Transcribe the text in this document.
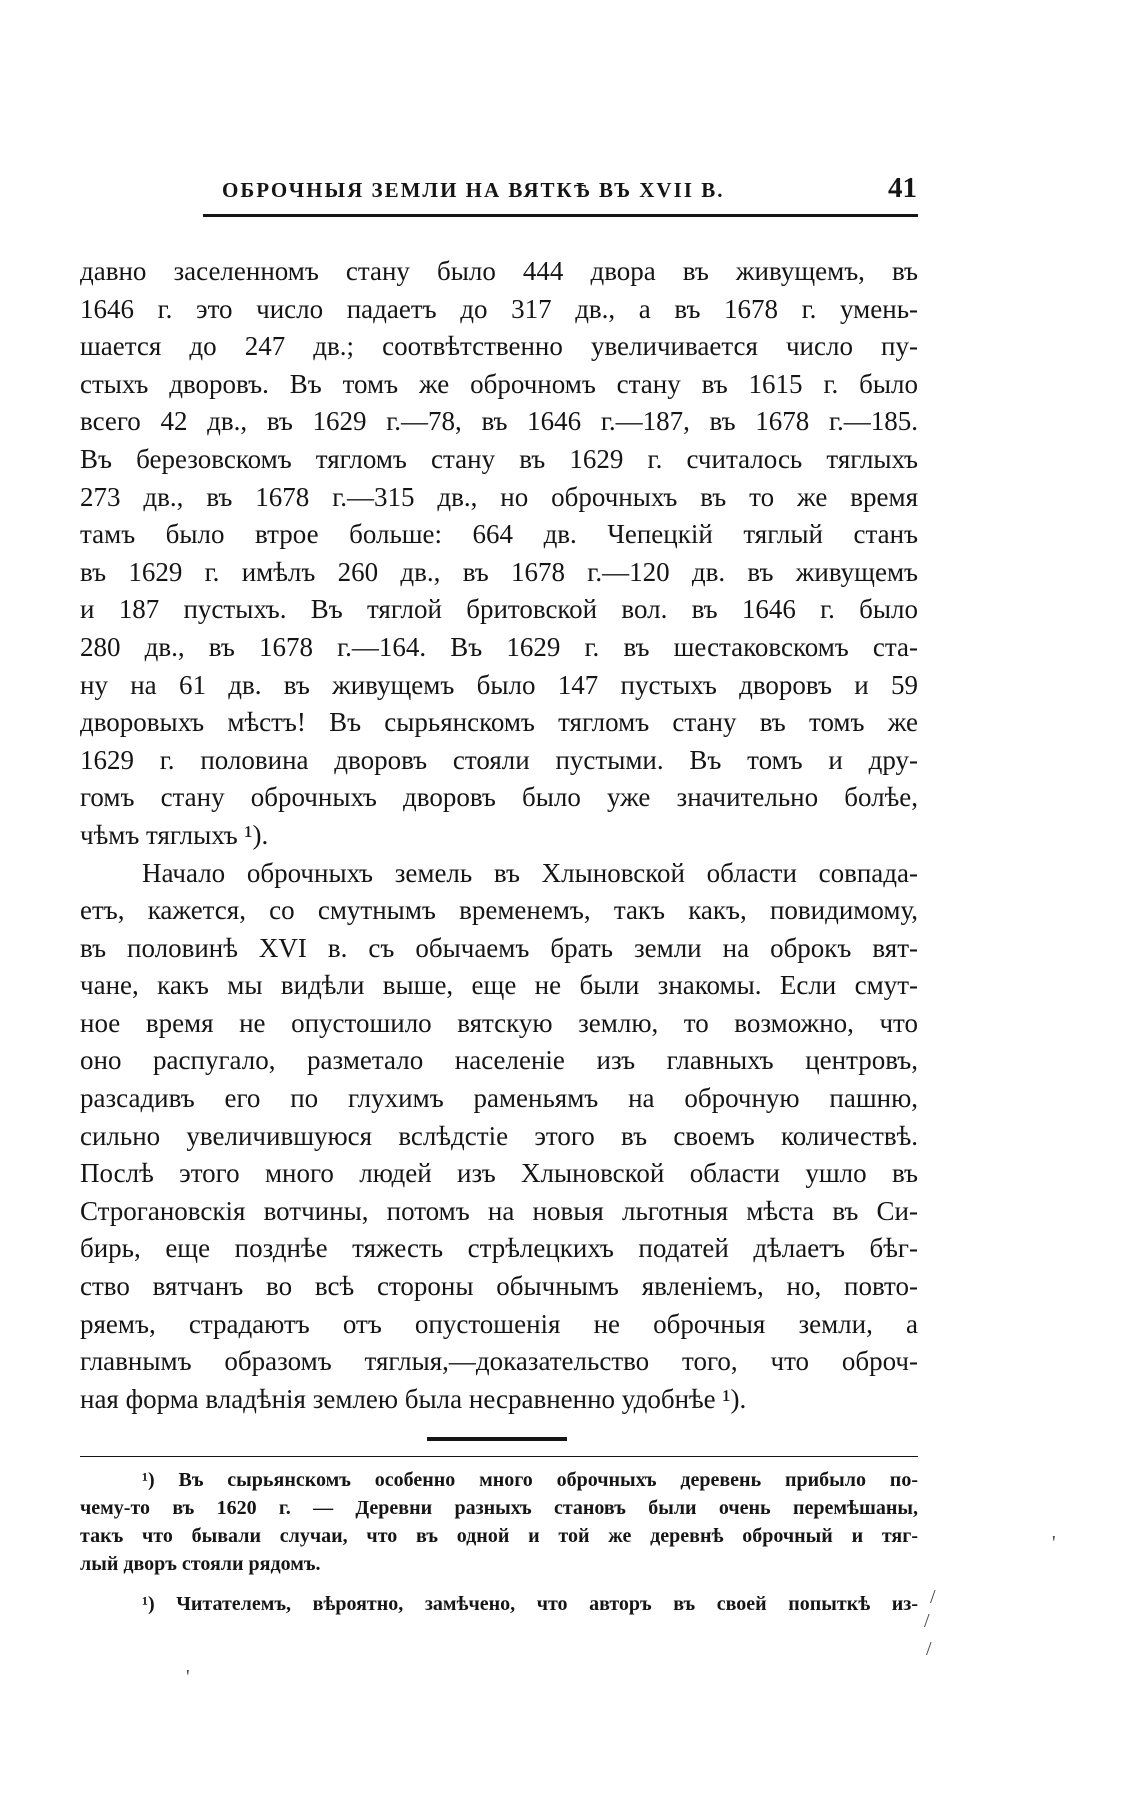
ОБРОЧНЫЯ ЗЕМЛИ НА ВЯТКѢ ВЪ XVII В.	41
давно заселенномъ стану было 444 двора въ живущемъ, въ
1646 г. это число падаетъ до 317 дв., а въ 1678 г. умень-
шается до 247 дв.; соотвѣтственно увеличивается число пу-
стыхъ дворовъ. Въ томъ же оброчномъ стану въ 1615 г. было
всего 42 дв., въ 1629 г.—78, въ 1646 г.—187, въ 1678 г.—185.
Въ березовскомъ тягломъ стану въ 1629 г. считалось тяглыхъ
273 дв., въ 1678 г.—315 дв., но оброчныхъ въ то же время
тамъ было втрое больше: 664 дв. Чепецкій тяглый станъ
въ 1629 г. имѣлъ 260 дв., въ 1678 г.—120 дв. въ живущемъ
и 187 пустыхъ. Въ тяглой бритовской вол. въ 1646 г. было
280 дв., въ 1678 г.—164. Въ 1629 г. въ шестаковскомъ ста-
ну на 61 дв. въ живущемъ было 147 пустыхъ дворовъ и 59
дворовыхъ мѣстъ! Въ сырьянскомъ тягломъ стану въ томъ же
1629 г. половина дворовъ стояли пустыми. Въ томъ и дру-
гомъ стану оброчныхъ дворовъ было уже значительно болѣе,
чѣмъ тяглыхъ ¹).
Начало оброчныхъ земель въ Хлыновской области совпада-
етъ, кажется, со смутнымъ временемъ, такъ какъ, повидимому,
въ половинѣ XVI в. съ обычаемъ брать земли на оброкъ вят-
чане, какъ мы видѣли выше, еще не были знакомы. Если смут-
ное время не опустошило вятскую землю, то возможно, что
оно распугало, разметало населеніе изъ главныхъ центровъ,
разсадивъ его по глухимъ раменьямъ на оброчную пашню,
сильно увеличившуюся вслѣдстіе этого въ своемъ количествѣ.
Послѣ этого много людей изъ Хлыновской области ушло въ
Строгановскія вотчины, потомъ на новыя льготныя мѣста въ Си-
бирь, еще позднѣе тяжесть стрѣлецкихъ податей дѣлаетъ бѣг-
ство вятчанъ во всѣ стороны обычнымъ явленіемъ, но, повто-
ряемъ, страдаютъ отъ опустошенія не оброчныя земли, а
главнымъ образомъ тяглыя,—доказательство того, что оброч-
ная форма владѣнія землею была несравненно удобнѣе ¹).
¹) Въ сырьянскомъ особенно много оброчныхъ деревень прибыло по-
чему-то въ 1620 г. — Деревни разныхъ становъ были очень перемѣшаны,
такъ что бывали случаи, что въ одной и той же деревнѣ оброчный и тяг-
лый дворъ стояли рядомъ.
¹) Читателемъ, вѣроятно, замѣчено, что авторъ въ своей попыткѣ из-
'
/
/
/
'
